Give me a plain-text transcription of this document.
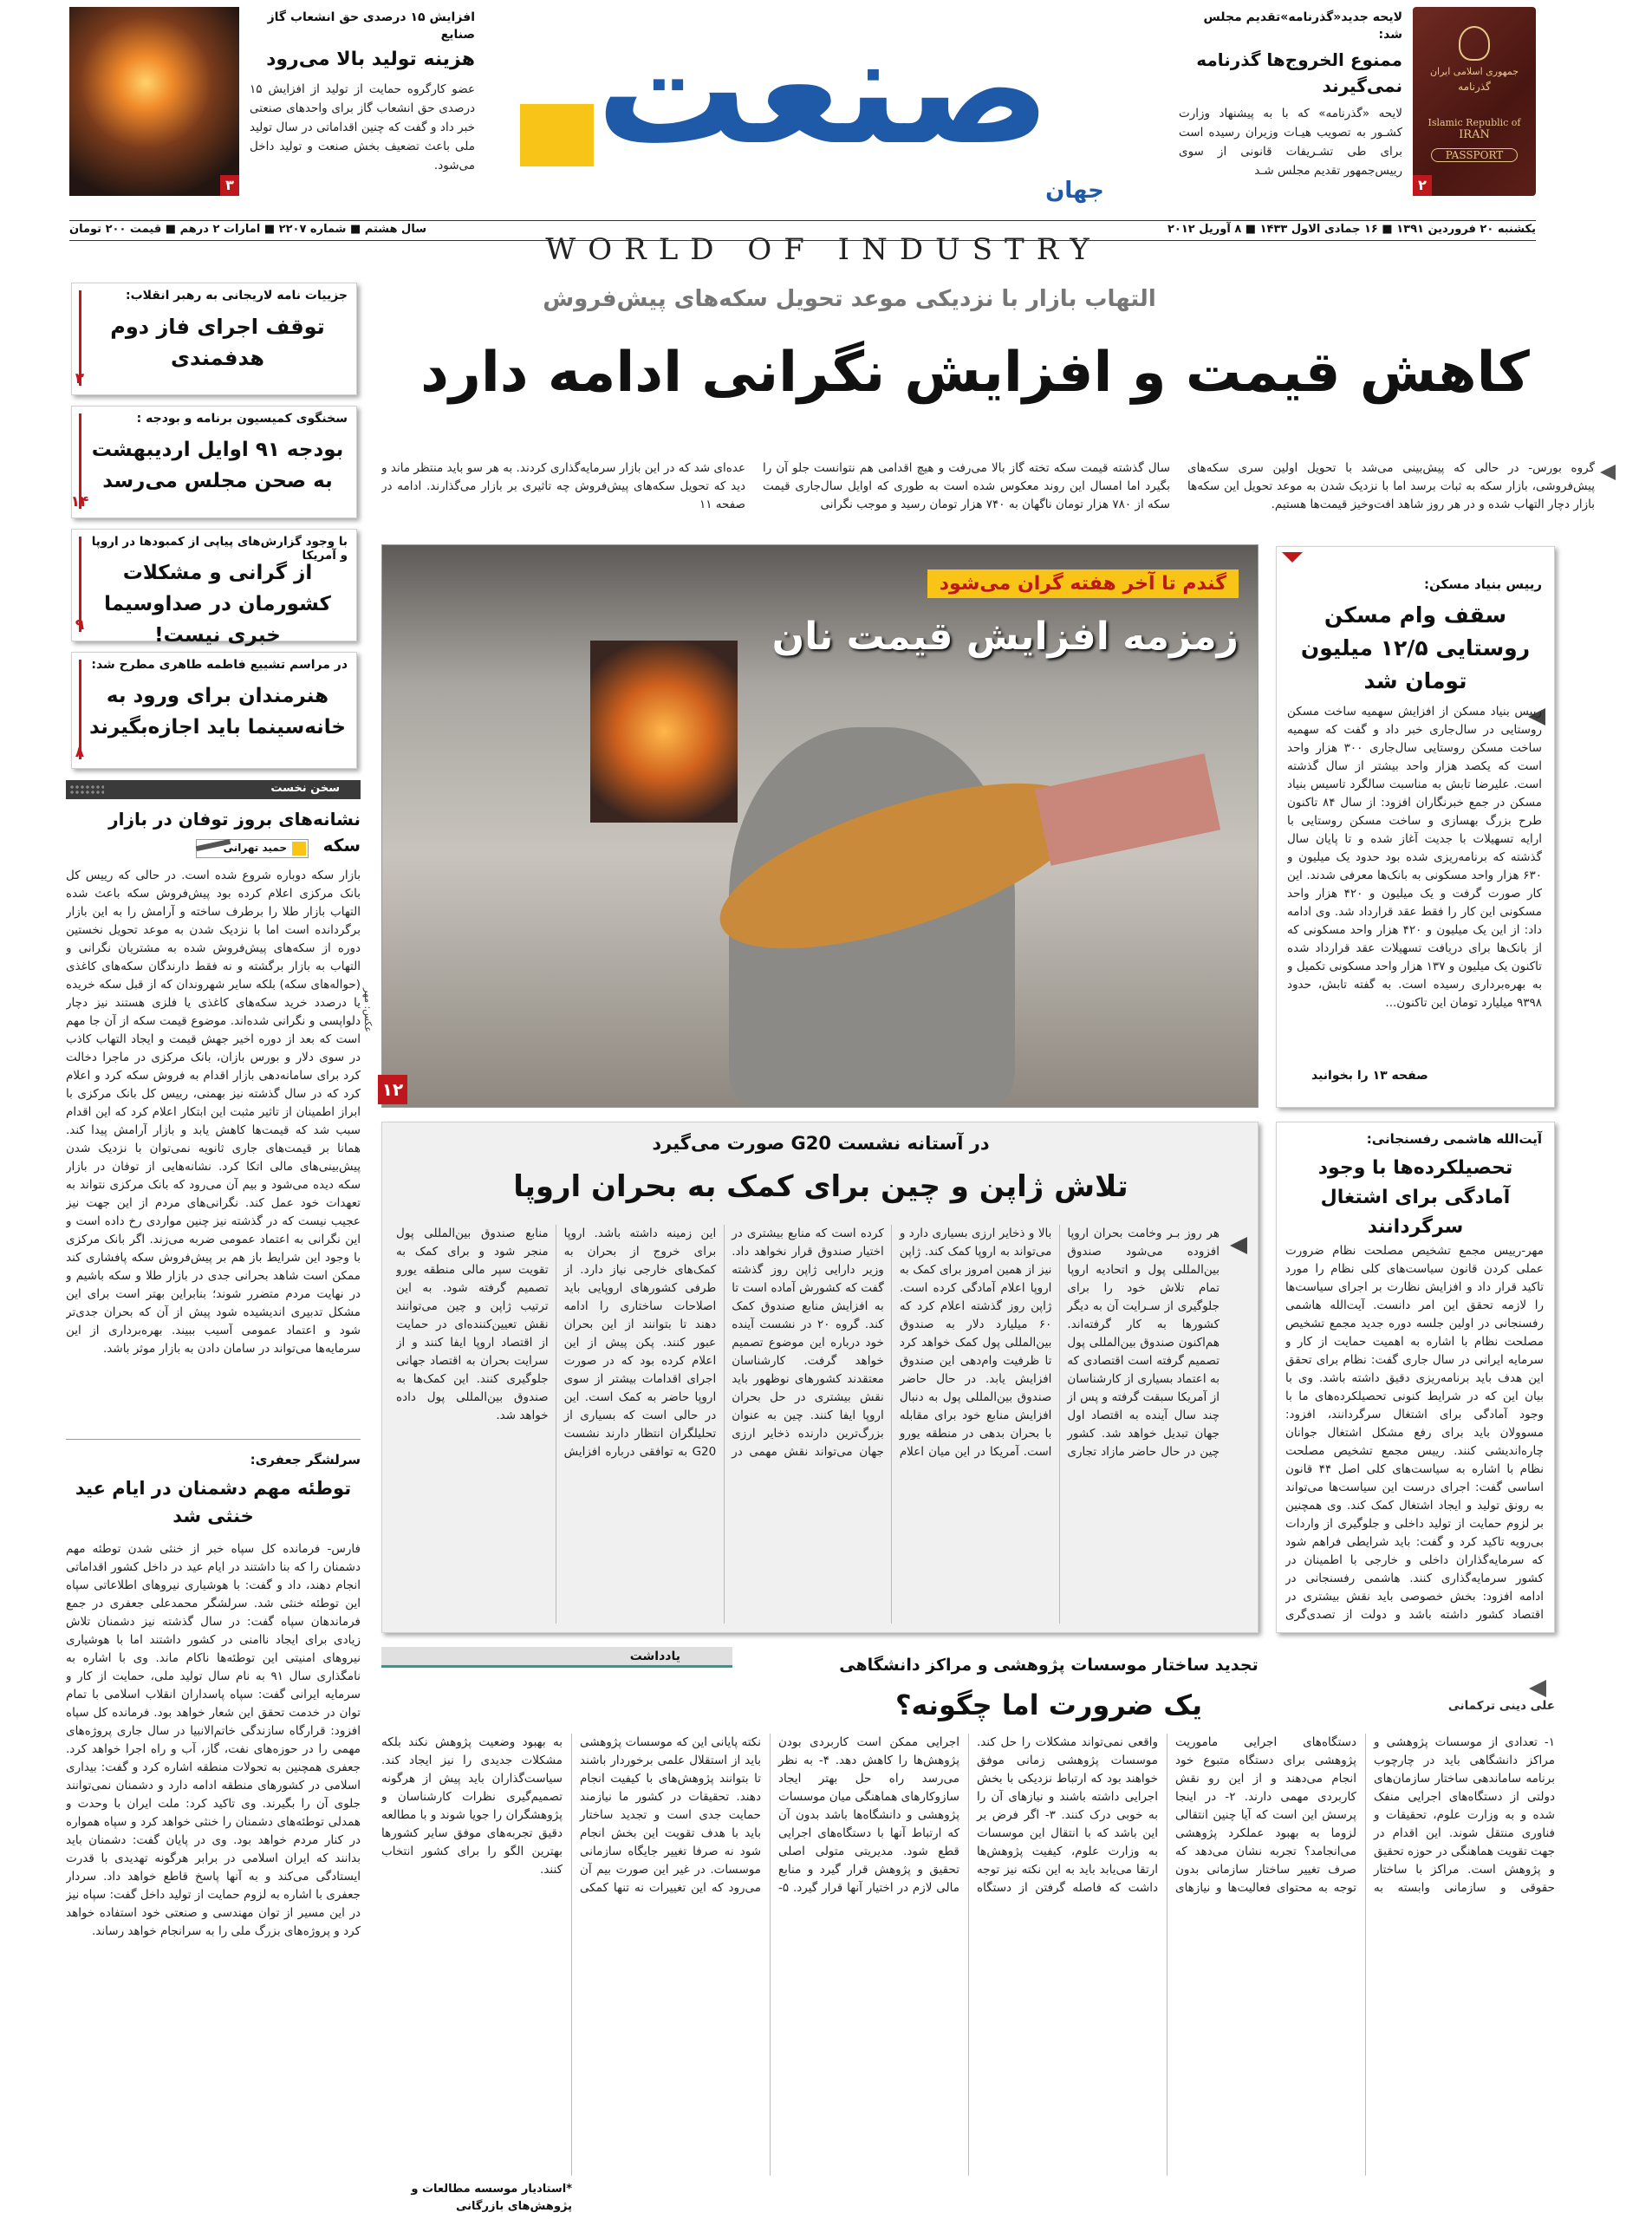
جمهوری اسلامی ایران
گذرنامه
Islamic Republic of
IRAN
PASSPORT
۲
لایحه جدید«گذرنامه»تقدیم مجلس شد:
ممنوع الخروج‌ها گذرنامه نمی‌گیرند
لایحه «گذرنامه» که با به پیشنهاد وزارت کشـور به تصویب هیـات وزیران رسیده است برای طی تشـریفات قانونی از سوی رییس‌جمهور تقدیم مجلس شـد
صنعت
جهان
WORLD OF INDUSTRY
۳
افزایش ۱۵ درصدی حق انشعاب گاز صنایع
هزینه تولید بالا می‌رود
عضو کارگروه حمایت از تولید از افزایش ۱۵ درصدی حق انشعاب گاز برای واحدهای صنعتی خبر داد و گفت که چنین اقداماتی در سال تولید ملی باعث تضعیف بخش صنعت و تولید داخل می‌شود.
یکشنبه ۲۰ فروردین ۱۳۹۱ ■ ۱۶ جمادی الاول ۱۴۳۳ ■ ۸ آوریل ۲۰۱۲
سال هشتم ■ شماره ۲۲۰۷ ■ امارات ۲ درهم ■ قیمت ۲۰۰ تومان
جزییات نامه لاریجانی به رهبر انقلاب:
توقف اجرای فاز دوم هدفمندی
۲
سخنگوی کمیسیون برنامه و بودجه :
بودجه ۹۱ اوایل اردیبهشت به صحن مجلس می‌رسد
۱۴
با وجود گزارش‌های پیاپی از کمبودها در اروپا و آمریکا
از گرانی و مشکلات کشورمان در صداوسیما خبری نیست!
۹
در مراسم تشییع فاطمه طاهری مطرح شد:
هنرمندان برای ورود به خانه‌سینما باید اجازه‌بگیرند
۸
سخن نخست
نشانه‌های بروز توفان در بازار سکه
حمید تهرانی
بازار سکه دوباره شروع شده است. در حالی که رییس کل بانک مرکزی اعلام کرده بود پیش‌فروش سکه باعث شده التهاب بازار طلا را برطرف ساخته و آرامش را به این بازار برگردانده است اما با نزدیک شدن به موعد تحویل نخستین دوره از سکه‌های پیش‌فروش شده به مشتریان نگرانی و التهاب به بازار برگشته و نه فقط دارندگان سکه‌های کاغذی (حواله‌های سکه) بلکه سایر شهروندان که از قبل سکه خریده یا درصدد خرید سکه‌های کاغذی یا فلزی هستند نیز دچار دلواپسی و نگرانی شده‌اند. موضوع قیمت سکه از آن جا مهم است که بعد از دوره اخیر جهش قیمت و ایجاد التهاب کاذب در سوی دلار و بورس ‌بازان، بانک مرکزی در ماجرا دخالت کرد برای سامانه‌دهی بازار اقدام به فروش سکه کرد و اعلام کرد که در سال گذشته نیز بهمنی، رییس کل بانک مرکزی با ابراز اطمینان از تاثیر مثبت این ابتکار اعلام کرد که این اقدام سبب شد که قیمت‌ها کاهش یابد و بازار آرامش پیدا کند. همانا بر قیمت‌های جاری ثانویه نمی‌توان با نزدیک شدن پیش‌بینی‌های مالی اتکا کرد. نشانه‌هایی از توفان در بازار سکه دیده می‌شود و بیم آن می‌رود که بانک مرکزی نتواند به تعهدات خود عمل کند. نگرانی‌های مردم از این جهت نیز عجیب نیست که در گذشته نیز چنین مواردی رخ داده است و این نگرانی به اعتماد عمومی ضربه می‌زند. اگر بانک مرکزی با وجود این شرایط باز هم بر پیش‌فروش سکه پافشاری کند ممکن است شاهد بحرانی جدی در بازار طلا و سکه باشیم و در نهایت مردم متضرر شوند؛ بنابراین بهتر است برای این مشکل تدبیری اندیشیده شود پیش از آن که بحران جدی‌تر شود و اعتماد عمومی آسیب ببیند. بهره‌برداری از این سرمایه‌ها می‌تواند در سامان دادن به بازار موثر باشد.
سرلشگر جعفری:
توطئه مهم دشمنان در ایام عید خنثی شد
فارس- فرمانده کل سپاه خبر از خنثی شدن توطئه مهم دشمنان را که بنا داشتند در ایام عید در داخل کشور اقداماتی انجام دهند، داد و گفت: با هوشیاری نیروهای اطلاعاتی سپاه این توطئه خنثی شد. سرلشگر محمدعلی جعفری در جمع فرماندهان سپاه گفت: در سال گذشته نیز دشمنان تلاش زیادی برای ایجاد ناامنی در کشور داشتند اما با هوشیاری نیروهای امنیتی این توطئه‌ها ناکام ماند. وی با اشاره به نامگذاری سال ۹۱ به نام سال تولید ملی، حمایت از کار و سرمایه ایرانی گفت: سپاه پاسداران انقلاب اسلامی با تمام توان در خدمت تحقق این شعار خواهد بود. فرمانده کل سپاه افزود: قرارگاه سازندگی خاتم‌الانبیا در سال جاری پروژه‌های مهمی را در حوزه‌های نفت، گاز، آب و راه اجرا خواهد کرد. جعفری همچنین به تحولات منطقه اشاره کرد و گفت: بیداری اسلامی در کشورهای منطقه ادامه دارد و دشمنان نمی‌توانند جلوی آن را بگیرند. وی تاکید کرد: ملت ایران با وحدت و همدلی توطئه‌های دشمنان را خنثی خواهد کرد و سپاه همواره در کنار مردم خواهد بود. وی در پایان گفت: دشمنان باید بدانند که ایران اسلامی در برابر هرگونه تهدیدی با قدرت ایستادگی می‌کند و به آنها پاسخ قاطع خواهد داد. سردار جعفری با اشاره به لزوم حمایت از تولید داخل گفت: سپاه نیز در این مسیر از توان مهندسی و صنعتی خود استفاده خواهد کرد و پروژه‌های بزرگ ملی را به سرانجام خواهد رساند.
التهاب بازار با نزدیکی موعد تحویل سکه‌های پیش‌فروش
کاهش قیمت و افزایش نگرانی ادامه دارد
گروه بورس- در حالی که پیش‌بینی می‌شد با تحویل اولین سری سکه‌های پیش‌فروشی، بازار سکه به ثبات برسد اما با نزدیک شدن به موعد تحویل این سکه‌ها بازار دچار التهاب شده و در هر روز شاهد افت‌وخیز قیمت‌ها هستیم.
سال گذشته قیمت سکه تخته گاز بالا می‌رفت و هیچ اقدامی هم نتوانست جلو آن را بگیرد اما امسال این روند معکوس شده است به طوری که اوایل سال‌جاری قیمت سکه از ۷۸۰ هزار تومان ناگهان به ۷۴۰ هزار تومان رسید و موجب نگرانی
عده‌ای شد که در این بازار سرمایه‌گذاری کردند. به هر سو باید منتظر ماند و دید که تحویل سکه‌های پیش‌فروش چه تاثیری بر بازار می‌گذارند. ادامه در صفحه ۱۱
گندم تا آخر هفته گران می‌شود
زمزمه افزایش قیمت نان
۱۲
عکس: مهر
رییس بنیاد مسکن:
سقف وام مسکن روستایی ۱۲/۵ میلیون تومان شد
رییس بنیاد مسکن از افزایش سهمیه ساخت مسکن روستایی در سال‌جاری خبر داد و گفت که سهمیه ساخت مسکن روستایی سال‌جاری ۳۰۰ هزار واحد است که یکصد هزار واحد بیشتر از سال گذشته است. علیرضا تابش به مناسبت سالگرد تاسیس بنیاد مسکن در جمع خبرنگاران افزود: از سال ۸۴ تاکنون طرح بزرگ بهسازی و ساخت مسکن روستایی با ارایه تسهیلات با جدیت آغاز شده و تا پایان سال گذشته که برنامه‌ریزی شده بود حدود یک میلیون و ۶۳۰ هزار واحد مسکونی به بانک‌ها معرفی شدند. این کار صورت گرفت و یک میلیون و ۴۲۰ هزار واحد مسکونی این کار را فقط عقد قرارداد شد. وی ادامه داد: از این یک میلیون و ۴۲۰ هزار واحد مسکونی که از بانک‌ها برای دریافت تسهیلات عقد قرارداد شده تاکنون یک میلیون و ۱۳۷ هزار واحد مسکونی تکمیل و به بهره‌برداری رسیده است. به گفته تابش، حدود ۹۳۹۸ میلیارد تومان این تاکنون...
صفحه ۱۳ را بخوانید
در آستانه نشست G20 صورت می‌گیرد
تلاش ژاپن و چین برای کمک به بحران اروپا
هر روز بـر وخامت بحران اروپا افزوده می‌شود صندوق بین‌المللی پول و اتحادیه اروپا تمام تلاش خود را برای جلوگیری از سـرایت آن به دیگر کشورها به کار گرفته‌اند. هم‌اکنون صندوق بین‌المللی پول تصمیم گرفته است اقتصادی که به اعتماد بسیاری از کارشناسان از آمریکا سبقت گرفته و پس از چند سال آینده به اقتصاد اول جهان تبدیل خواهد شد. کشور چین در حال حاضر مازاد تجاری بالا و ذخایر ارزی بسیاری دارد و می‌تواند به اروپا کمک کند. ژاپن نیز از همین امروز برای کمک به اروپا اعلام آمادگی کرده است. ژاپن روز گذشته اعلام کرد که ۶۰ میلیارد دلار به صندوق بین‌المللی پول کمک خواهد کرد تا ظرفیت وام‌دهی این صندوق افزایش یابد. در حال حاضر صندوق بین‌المللی پول به دنبال افزایش منابع خود برای مقابله با بحران بدهی در منطقه یورو است. آمریکا در این میان اعلام کرده است که منابع بیشتری در اختیار صندوق قرار نخواهد داد. وزیر دارایی ژاپن روز گذشته گفت که کشورش آماده است تا به افزایش منابع صندوق کمک کند. گروه ۲۰ در نشست آینده خود درباره این موضوع تصمیم خواهد گرفت. کارشناسان معتقدند کشورهای نوظهور باید نقش بیشتری در حل بحران اروپا ایفا کنند. چین به عنوان بزرگ‌ترین دارنده ذخایر ارزی جهان می‌تواند نقش مهمی در این زمینه داشته باشد. اروپا برای خروج از بحران به کمک‌های خارجی نیاز دارد. از طرفی کشورهای اروپایی باید اصلاحات ساختاری را ادامه دهند تا بتوانند از این بحران عبور کنند. پکن پیش از این اعلام کرده بود که در صورت اجرای اقدامات بیشتر از سوی اروپا حاضر به کمک است. این در حالی است که بسیاری از تحلیلگران انتظار دارند نشست G20 به توافقی درباره افزایش منابع صندوق بین‌المللی پول منجر شود و برای کمک به تقویت سپر مالی منطقه یورو تصمیم گرفته شود. به این ترتیب ژاپن و چین می‌توانند نقش تعیین‌کننده‌ای در حمایت از اقتصاد اروپا ایفا کنند و از سرایت بحران به اقتصاد جهانی جلوگیری کنند. این کمک‌ها به صندوق بین‌المللی پول داده خواهد شد.
آیت‌الله هاشمی رفسنجانی:
تحصیلکرده‌ها با وجود آمادگی برای اشتغال سرگردانند
مهر-رییس مجمع تشخیص مصلحت نظام ضرورت عملی کردن قانون سیاست‌های کلی نظام را مورد تاکید قرار داد و افزایش نظارت بر اجرای سیاست‌ها را لازمه تحقق این امر دانست. آیت‌الله هاشمی رفسنجانی در اولین جلسه دوره جدید مجمع تشخیص مصلحت نظام با اشاره به اهمیت حمایت از کار و سرمایه ایرانی در سال جاری گفت: نظام برای تحقق این هدف باید برنامه‌ریزی دقیق داشته باشد. وی با بیان این که در شرایط کنونی تحصیلکرده‌های ما با وجود آمادگی برای اشتغال سرگردانند، افزود: مسوولان باید برای رفع مشکل اشتغال جوانان چاره‌اندیشی کنند. رییس مجمع تشخیص مصلحت نظام با اشاره به سیاست‌های کلی اصل ۴۴ قانون اساسی گفت: اجرای درست این سیاست‌ها می‌تواند به رونق تولید و ایجاد اشتغال کمک کند. وی همچنین بر لزوم حمایت از تولید داخلی و جلوگیری از واردات بی‌رویه تاکید کرد و گفت: باید شرایطی فراهم شود که سرمایه‌گذاران داخلی و خارجی با اطمینان در کشور سرمایه‌گذاری کنند. هاشمی رفسنجانی در ادامه افزود: بخش خصوصی باید نقش بیشتری در اقتصاد کشور داشته باشد و دولت از تصدی‌گری
یادداشت	تجدید ساختار موسسات پژوهشی و مراکز دانشگاهی
یک ضرورت اما چگونه؟	علی دینی ترکمانی
۱- تعدادی از موسسات پژوهشی و مراکز دانشگاهی باید در چارچوب برنامه ساماندهی ساختار سازمان‌های دولتی از دستگاه‌های اجرایی منفک شده و به وزارت علوم، تحقیقات و فناوری منتقل شوند. این اقدام در جهت تقویت هماهنگی در حوزه تحقیق و پژوهش است. مراکز با ساختار حقوقی و سازمانی وابسته به دستگاه‌های اجرایی ماموریت پژوهشی برای دستگاه متبوع خود انجام می‌دهند و از این رو نقش کاربردی مهمی دارند. ۲- در اینجا پرسش این است که آیا چنین انتقالی لزوما به بهبود عملکرد پژوهشی می‌انجامد؟ تجربه نشان می‌دهد که صرف تغییر ساختار سازمانی بدون توجه به محتوای فعالیت‌ها و نیازهای واقعی نمی‌تواند مشکلات را حل کند. موسسات پژوهشی زمانی موفق خواهند بود که ارتباط نزدیکی با بخش اجرایی داشته باشند و نیازهای آن را به خوبی درک کنند. ۳- اگر فرض بر این باشد که با انتقال این موسسات به وزارت علوم، کیفیت پژوهش‌ها ارتقا می‌یابد باید به این نکته نیز توجه داشت که فاصله گرفتن از دستگاه اجرایی ممکن است کاربردی بودن پژوهش‌ها را کاهش دهد. ۴- به نظر می‌رسد راه حل بهتر ایجاد سازوکارهای هماهنگی میان موسسات پژوهشی و دانشگاه‌ها باشد بدون آن که ارتباط آنها با دستگاه‌های اجرایی قطع شود. مدیریتی متولی اصلی تحقیق و پژوهش قرار گیرد و منابع مالی لازم در اختیار آنها قرار گیرد. ۵- نکته پایانی این که موسسات پژوهشی باید از استقلال علمی برخوردار باشند تا بتوانند پژوهش‌های با کیفیت انجام دهند. تحقیقات در کشور ما نیازمند حمایت جدی است و تجدید ساختار باید با هدف تقویت این بخش انجام شود نه صرفا تغییر جایگاه سازمانی موسسات. در غیر این صورت بیم آن می‌رود که این تغییرات نه تنها کمکی به بهبود وضعیت پژوهش نکند بلکه مشکلات جدیدی را نیز ایجاد کند. سیاست‌گذاران باید پیش از هرگونه تصمیم‌گیری نظرات کارشناسان و پژوهشگران را جویا شوند و با مطالعه دقیق تجربه‌های موفق سایر کشورها بهترین الگو را برای کشور انتخاب کنند.
*استادیار موسسه مطالعات و پژوهش‌های بازرگانی
